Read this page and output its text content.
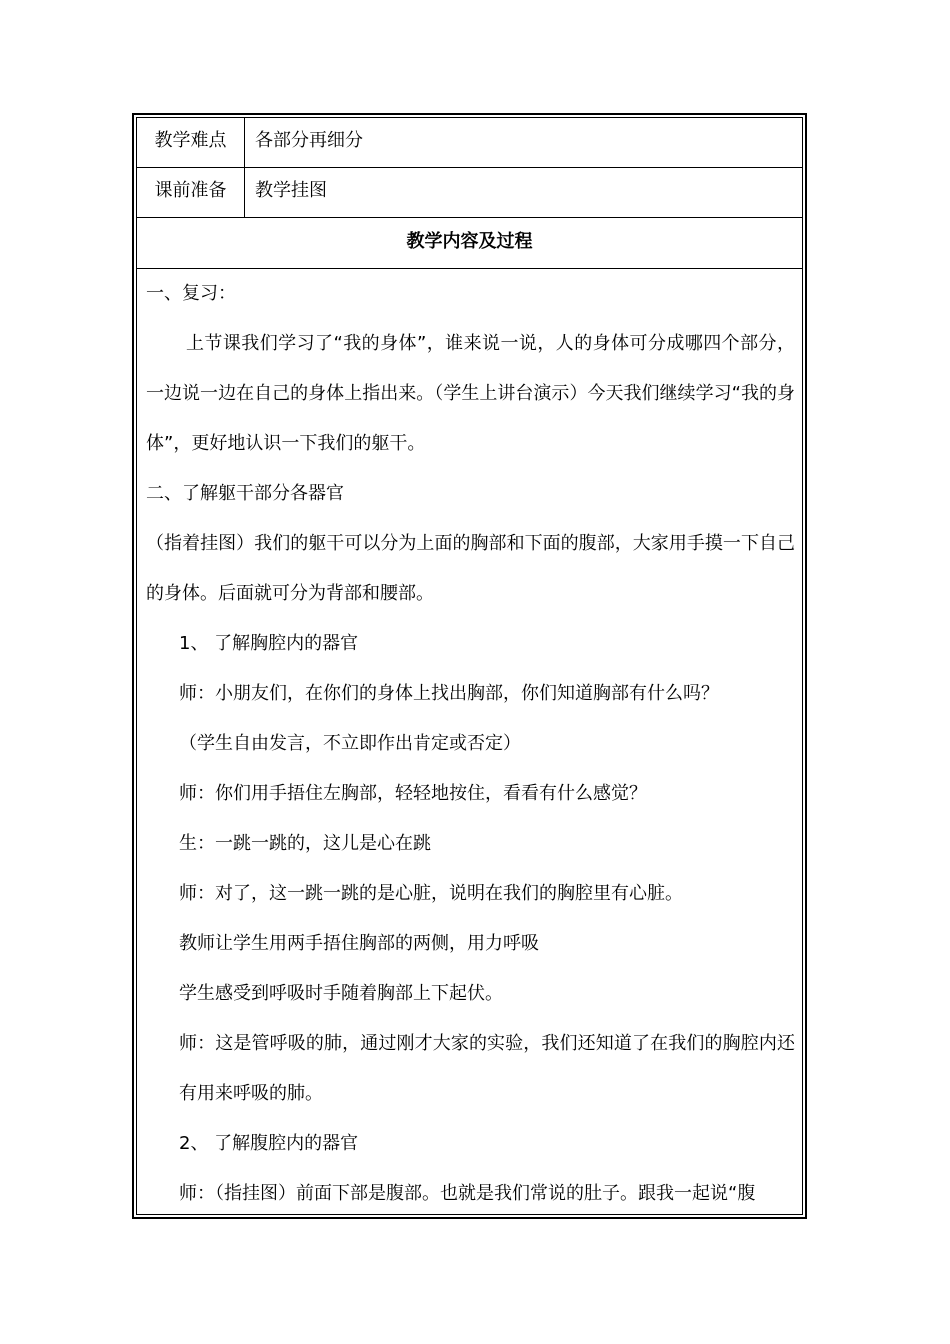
教学难点	各部分再细分
课前准备	教学挂图
教学内容及过程

一、复习：

上节课我们学习了“我的身体”，谁来说一说，人的身体可分成哪四个部分，一边说一边在自己的身体上指出来。（学生上讲台演示）今天我们继续学习“我的身体”，更好地认识一下我们的躯干。

二、了解躯干部分各器官

（指着挂图）我们的躯干可以分为上面的胸部和下面的腹部，大家用手摸一下自己的身体。后面就可分为背部和腰部。

1、 了解胸腔内的器官

师：小朋友们，在你们的身体上找出胸部，你们知道胸部有什么吗？

（学生自由发言，不立即作出肯定或否定）

师：你们用手捂住左胸部，轻轻地按住，看看有什么感觉？

生：一跳一跳的，这儿是心在跳

师：对了，这一跳一跳的是心脏，说明在我们的胸腔里有心脏。

教师让学生用两手捂住胸部的两侧，用力呼吸

学生感受到呼吸时手随着胸部上下起伏。

师：这是管呼吸的肺，通过刚才大家的实验，我们还知道了在我们的胸腔内还有用来呼吸的肺。

2、 了解腹腔内的器官

师：（指挂图）前面下部是腹部。也就是我们常说的肚子。跟我一起说“腹
